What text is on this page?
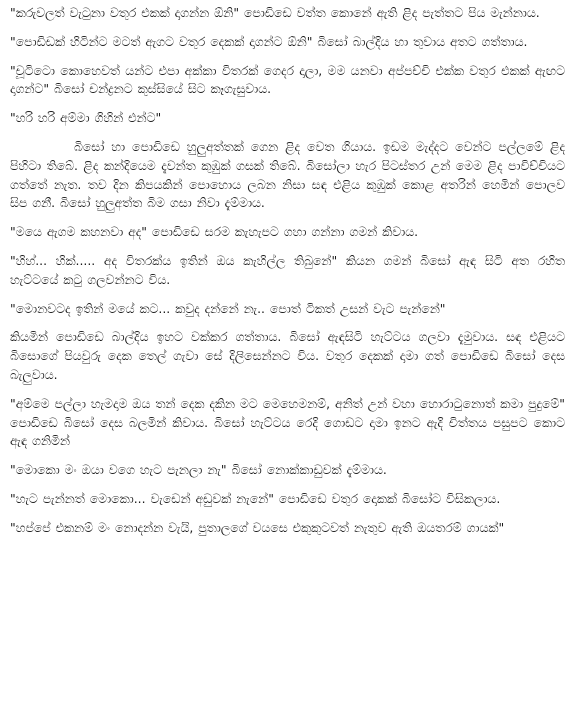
"කරුවලත් වැටුනා වතුර එකක් දාගන්න ඕනි" පොඩිඩෙ වත්ත කොනේ ඇති ළිද පැත්තට පිය මැන්නාය.

"පොඩිඩක් හිටින්ට මටත් ඇගට වතුර දෙකක් දාගන්ට ඕනි" බිසෝ බාල්දිය හා තුවාය අතට ගත්තාය.

"චූටිටො කොහෙවත් යන්ට එපා අක්කා විතරක් ගෙදර දාලා, මම යනවා අප්පච්චි එක්ක වතුර එකක් ඇඟට දාගන්ට" බිසෝ චන්ද්‍රනට කුස්සියේ සිට කෑගැසුවාය.

"හරි හරි අම්මා ගිහින් එන්ට"

බිසෝ හා පොඩිඩෙ හුලුඅත්තක් ගෙන ළිද වෙත ගියාය. ඉඩම මැද්දට වෙන්ට පල්ලමේ ළිද පිහිටා තිබේ. ළිද කන්දියෙම දැවන්ත කුඹුක් ගසක් තිබේ. බිසෝලා හැර පිටස්තර උන් මෙම ළිද පාවිච්චියට ගත්තේ නැත. තව දින කිපයකින් පොහොය ලබන නිසා සඳ එළිය කුඹුක් කොළ අතරින් හෙමින් පොලව සිප ගනී. බිසෝ හුලුඅත්ත බිම ගසා නිවා දැම්මාය.

"මයෙ ඇගම කහනවා අද" පොඩිඩෙ සරම කැහැපට ගහා ගන්නා ගමන් කිවාය.

"හිහ්... හික්..... අද විතරක්ය ඉතින් ඔය කැහිල්ල තිබුනේ" කියන ගමන් බිසෝ ඇඳ සිටි අත රහිත හැට්ටයේ කටු ගලවන්නට විය.

"මොනවටද ඉතින් මයේ කට... කවුද දන්නේ නැ.. පොත් ටිකත් උසන් වැට පැන්නේ"

කියමින් පොඩිඩෙ බාල්දිය ඉහට වක්කර ගත්තාය. බිසෝ ඇඳසිටි හැට්ටය ගලවා දැමුවාය. සඳ එළියට බිසොගේ පියවුරු දෙක තෙල් ගැවා සේ දිලිසෙන්නට විය. වතුර දෙකක් දාමා ගත් පොඩිඩෙ බිසෝ දෙස බැලුවාය.

"අම්මෙ පල්ලා හැමදාම ඔය තන් දෙක දකින මට මෙහෙමනම්, අනිත් උන් වහා හොරාටුනොත් කමා පුදුමේ" පොඩිඩෙ බිසෝ දෙස බලමින් කිවාය. බිසෝ හැට්ටය රෙදි ගොඩට දාමා ඉනට ඇදි චිත්තය පසුපට කොට ඇඳ ගනිමින්

"මොකො මං ඔයා වගෙ හැට පැනලා නැ" බිසෝ නොක්කාඩුවක් දැම්මාය.

"හැට පැන්නත් මොකො... වැඩෙන් අඩුවක් නැනේ" පොඩිඩෙ වතුර දොකක් බිසෝට විසිකලාය.

"හප්පේ එකනම් මං නොදන්න වැයි, පුතාලගේ වයසෙ එකුකුටවත් නැතුව ඇති ඔයතරම් ගායක්"
